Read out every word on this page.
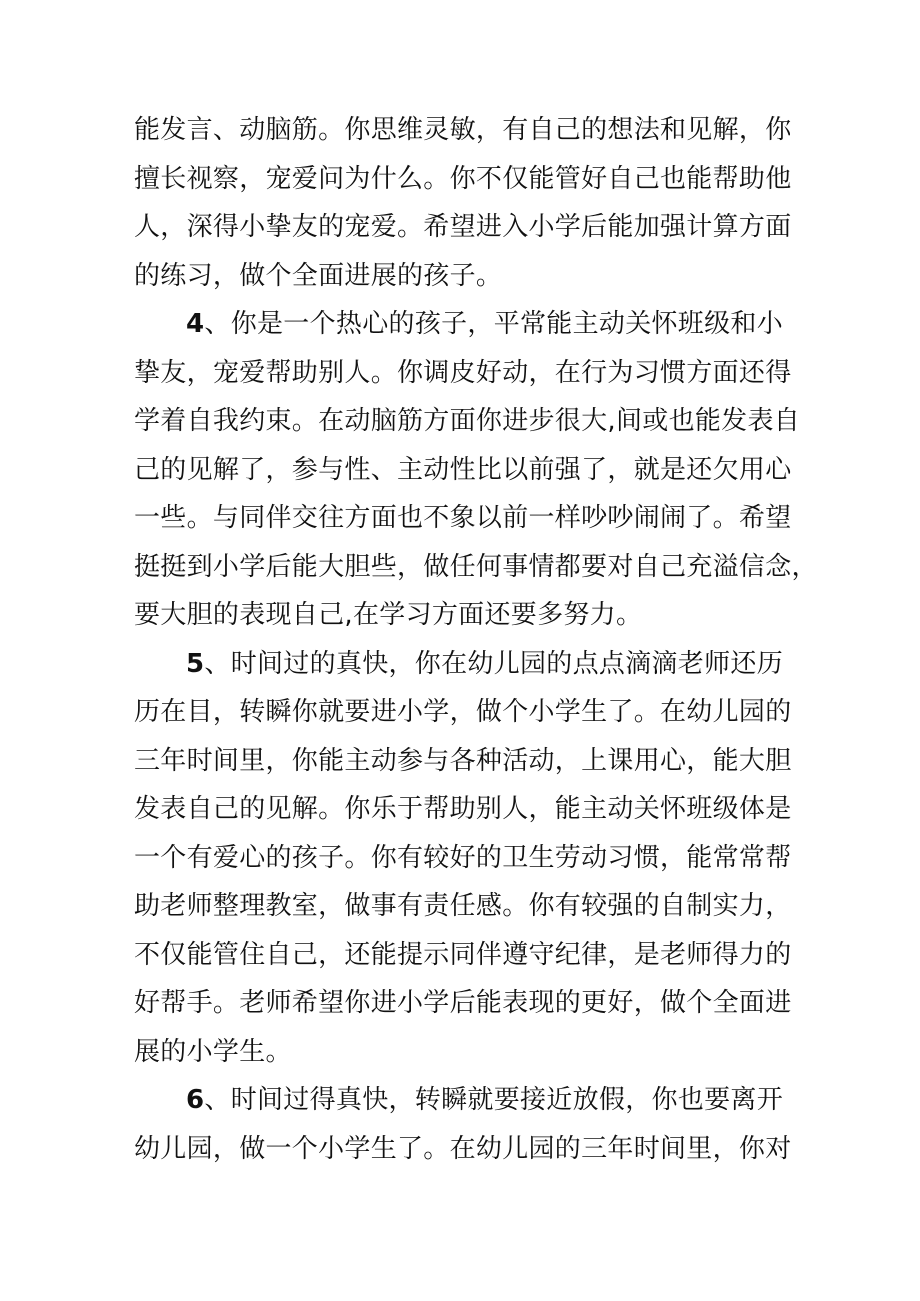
能发言、动脑筋。你思维灵敏，有自己的想法和见解，你
擅长视察，宠爱问为什么。你不仅能管好自己也能帮助他
人，深得小挚友的宠爱。希望进入小学后能加强计算方面
的练习，做个全面进展的孩子。
4、你是一个热心的孩子，平常能主动关怀班级和小
挚友，宠爱帮助别人。你调皮好动，在行为习惯方面还得
学着自我约束。在动脑筋方面你进步很大,间或也能发表自
己的见解了，参与性、主动性比以前强了，就是还欠用心
一些。与同伴交往方面也不象以前一样吵吵闹闹了。希望
挺挺到小学后能大胆些，做任何事情都要对自己充溢信念，
要大胆的表现自己,在学习方面还要多努力。
5、时间过的真快，你在幼儿园的点点滴滴老师还历
历在目，转瞬你就要进小学，做个小学生了。在幼儿园的
三年时间里，你能主动参与各种活动，上课用心，能大胆
发表自己的见解。你乐于帮助别人，能主动关怀班级体是
一个有爱心的孩子。你有较好的卫生劳动习惯，能常常帮
助老师整理教室，做事有责任感。你有较强的自制实力，
不仅能管住自己，还能提示同伴遵守纪律，是老师得力的
好帮手。老师希望你进小学后能表现的更好，做个全面进
展的小学生。
6、时间过得真快，转瞬就要接近放假，你也要离开
幼儿园，做一个小学生了。在幼儿园的三年时间里，你对
